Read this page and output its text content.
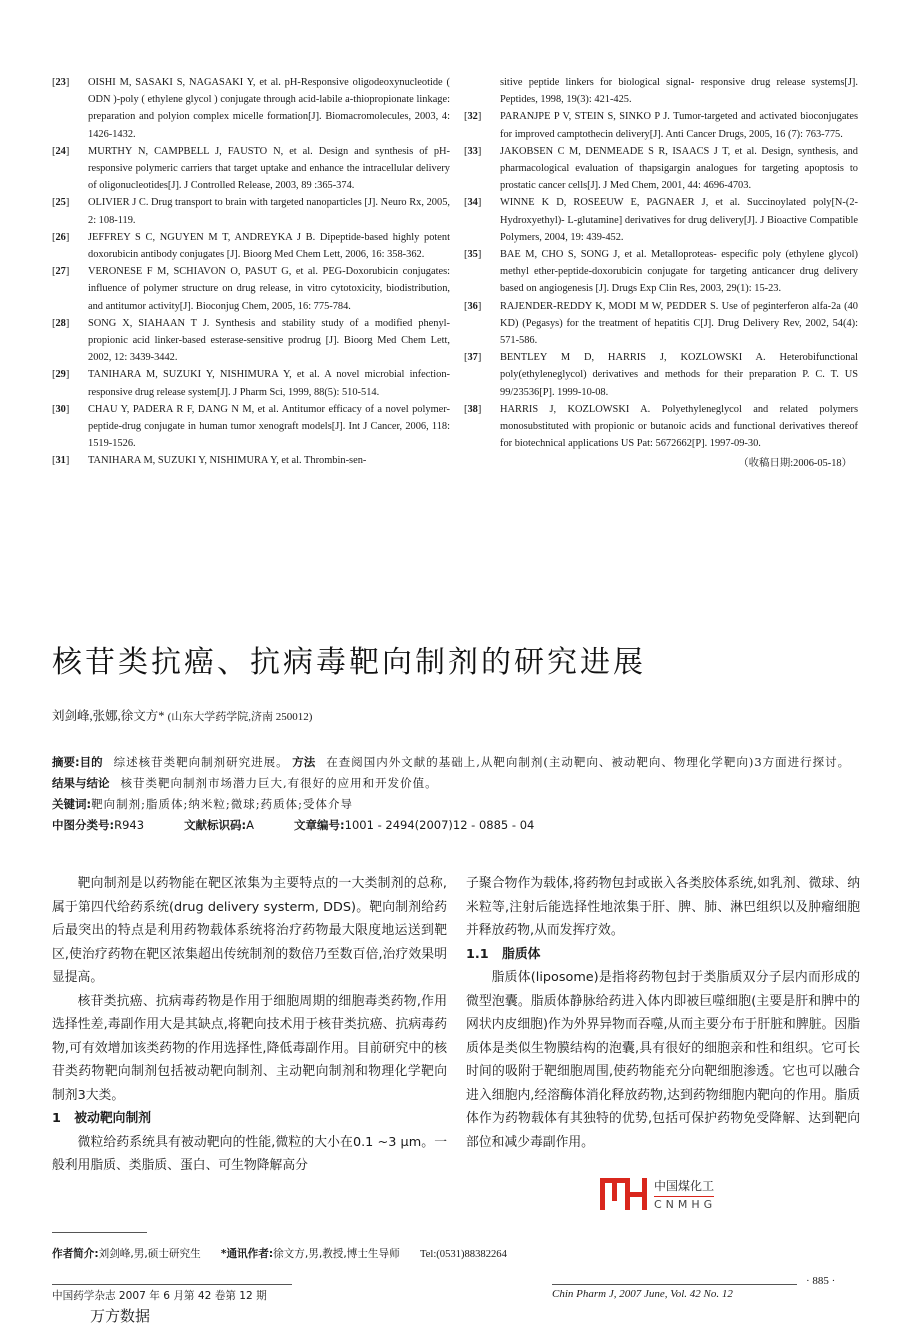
[23] OISHI M, SASAKI S, NAGASAKI Y, et al. pH-Responsive oligodeoxynucleotide ( ODN )-poly ( ethylene glycol ) conjugate through acid-labile a-thiopropionate linkage: preparation and polyion complex micelle formation[J]. Biomacromolecules, 2003, 4: 1426-1432.
[24] MURTHY N, CAMPBELL J, FAUSTO N, et al. Design and synthesis of pH-responsive polymeric carriers that target uptake and enhance the intracellular delivery of oligonucleotides[J]. J Controlled Release, 2003, 89 :365-374.
[25] OLIVIER J C. Drug transport to brain with targeted nanoparticles [J]. Neuro Rx, 2005, 2: 108-119.
[26] JEFFREY S C, NGUYEN M T, ANDREYKA J B. Dipeptide-based highly potent doxorubicin antibody conjugates [J]. Bioorg Med Chem Lett, 2006, 16: 358-362.
[27] VERONESE F M, SCHIAVON O, PASUT G, et al. PEG-Doxorubicin conjugates: influence of polymer structure on drug release, in vitro cytotoxicity, biodistribution, and antitumor activity[J]. Bioconjug Chem, 2005, 16: 775-784.
[28] SONG X, SIAHAAN T J. Synthesis and stability study of a modified phenyl- propionic acid linker-based esterase-sensitive prodrug [J]. Bioorg Med Chem Lett, 2002, 12: 3439-3442.
[29] TANIHARA M, SUZUKI Y, NISHIMURA Y, et al. A novel microbial infection-responsive drug release system[J]. J Pharm Sci, 1999, 88(5): 510-514.
[30] CHAU Y, PADERA R F, DANG N M, et al. Antitumor efficacy of a novel polymer-peptide-drug conjugate in human tumor xenograft models[J]. Int J Cancer, 2006, 118: 1519-1526.
[31] TANIHARA M, SUZUKI Y, NISHIMURA Y, et al. Thrombin-sen-
sitive peptide linkers for biological signal- responsive drug release systems[J]. Peptides, 1998, 19(3): 421-425.
[32] PARANJPE P V, STEIN S, SINKO P J. Tumor-targeted and activated bioconjugates for improved camptothecin delivery[J]. Anti Cancer Drugs, 2005, 16 (7): 763-775.
[33] JAKOBSEN C M, DENMEADE S R, ISAACS J T, et al. Design, synthesis, and pharmacological evaluation of thapsigargin analogues for targeting apoptosis to prostatic cancer cells[J]. J Med Chem, 2001, 44: 4696-4703.
[34] WINNE K D, ROSEEUW E, PAGNAER J, et al. Succinoylated poly[N-(2-Hydroxyethyl)- L-glutamine] derivatives for drug delivery[J]. J Bioactive Compatible Polymers, 2004, 19: 439-452.
[35] BAE M, CHO S, SONG J, et al. Metalloproteas- especific poly (ethylene glycol) methyl ether-peptide-doxorubicin conjugate for targeting anticancer drug delivery based on angiogenesis [J]. Drugs Exp Clin Res, 2003, 29(1): 15-23.
[36] RAJENDER-REDDY K, MODI M W, PEDDER S. Use of peginterferon alfa-2a (40 KD) (Pegasys) for the treatment of hepatitis C[J]. Drug Delivery Rev, 2002, 54(4): 571-586.
[37] BENTLEY M D, HARRIS J, KOZLOWSKI A. Heterobifunctional poly(ethyleneglycol) derivatives and methods for their preparation P. C. T. US 99/23536[P]. 1999-10-08.
[38] HARRIS J, KOZLOWSKI A. Polyethyleneglycol and related polymers monosubstituted with propionic or butanoic acids and functional derivatives thereof for biotechnical applications US Pat: 5672662[P]. 1997-09-30.
（收稿日期:2006-05-18）
核苷类抗癌、抗病毒靶向制剂的研究进展
刘剑峰,张娜,徐文方* (山东大学药学院,济南 250012)
摘要:目的 综述核苷类靶向制剂研究进展。 方法 在查阅国内外文献的基础上,从靶向制剂(主动靶向、被动靶向、物理化学靶向)3方面进行探讨。 结果与结论 核苷类靶向制剂市场潜力巨大,有很好的应用和开发价值。
关键词:靶向制剂;脂质体;纳米粒;微球;药质体;受体介导
中图分类号:R943	文献标识码:A	文章编号:1001 - 2494(2007)12 - 0885 - 04
靶向制剂是以药物能在靶区浓集为主要特点的一大类制剂的总称,属于第四代给药系统(drug delivery systerm, DDS)。靶向制剂给药后最突出的特点是利用药物载体系统将治疗药物最大限度地运送到靶区,使治疗药物在靶区浓集超出传统制剂的数倍乃至数百倍,治疗效果明显提高。
核苷类抗癌、抗病毒药物是作用于细胞周期的细胞毒类药物,作用选择性差,毒副作用大是其缺点,将靶向技术用于核苷类抗癌、抗病毒药物,可有效增加该类药物的作用选择性,降低毒副作用。目前研究中的核苷类药物靶向制剂包括被动靶向制剂、主动靶向制剂和物理化学靶向制剂3大类。
1 被动靶向制剂
微粒给药系统具有被动靶向的性能,微粒的大小在0.1 ~3 μm。一般利用脂质、类脂质、蛋白、可生物降解高分
子聚合物作为载体,将药物包封或嵌入各类胶体系统,如乳剂、微球、纳米粒等,注射后能选择性地浓集于肝、脾、肺、淋巴组织以及肿瘤细胞并释放药物,从而发挥疗效。
1.1 脂质体
脂质体(liposome)是指将药物包封于类脂质双分子层内而形成的微型泡囊。脂质体静脉给药进入体内即被巨噬细胞(主要是肝和脾中的网状内皮细胞)作为外界异物而吞噬,从而主要分布于肝脏和脾脏。因脂质体是类似生物膜结构的泡囊,具有很好的细胞亲和性和组织。它可长时间的吸附于靶细胞周围,使药物能充分向靶细胞渗透。它也可以融合进入细胞内,经溶酶体消化释放药物,达到药物细胞内靶向的作用。脂质体作为药物载体有其独特的优势,包括可保护药物免受降解、达到靶向部位和减少毒副作用。
中国煤化工
CNMHG
作者简介:刘剑峰,男,硕士研究生 *通讯作者:徐文方,男,教授,博士生导师 Tel:(0531)88382264
中国药学杂志 2007 年 6 月第 42 卷第 12 期
万方数据
Chin Pharm J, 2007 June, Vol. 42 No. 12
· 885 ·
